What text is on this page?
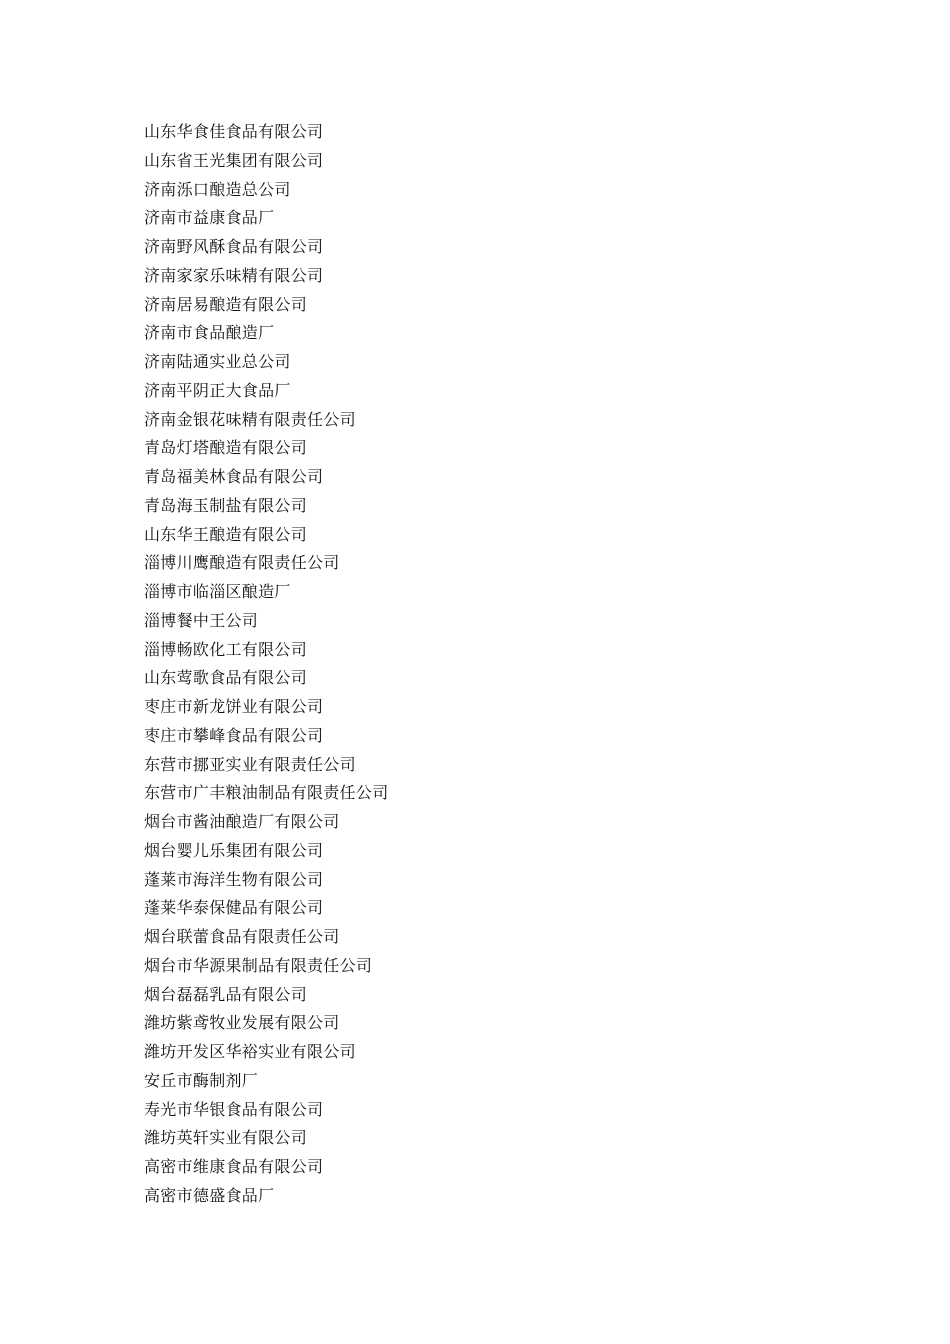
山东华食佳食品有限公司
山东省王光集团有限公司
济南泺口酿造总公司
济南市益康食品厂
济南野风酥食品有限公司
济南家家乐味精有限公司
济南居易酿造有限公司
济南市食品酿造厂
济南陆通实业总公司
济南平阴正大食品厂
济南金银花味精有限责任公司
青岛灯塔酿造有限公司
青岛福美林食品有限公司
青岛海玉制盐有限公司
山东华王酿造有限公司
淄博川鹰酿造有限责任公司
淄博市临淄区酿造厂
淄博餐中王公司
淄博畅欧化工有限公司
山东莺歌食品有限公司
枣庄市新龙饼业有限公司
枣庄市攀峰食品有限公司
东营市挪亚实业有限责任公司
东营市广丰粮油制品有限责任公司
烟台市酱油酿造厂有限公司
烟台婴儿乐集团有限公司
蓬莱市海洋生物有限公司
蓬莱华泰保健品有限公司
烟台联蕾食品有限责任公司
烟台市华源果制品有限责任公司
烟台磊磊乳品有限公司
潍坊紫鸢牧业发展有限公司
潍坊开发区华裕实业有限公司
安丘市酶制剂厂
寿光市华银食品有限公司
潍坊英轩实业有限公司
高密市维康食品有限公司
高密市德盛食品厂
